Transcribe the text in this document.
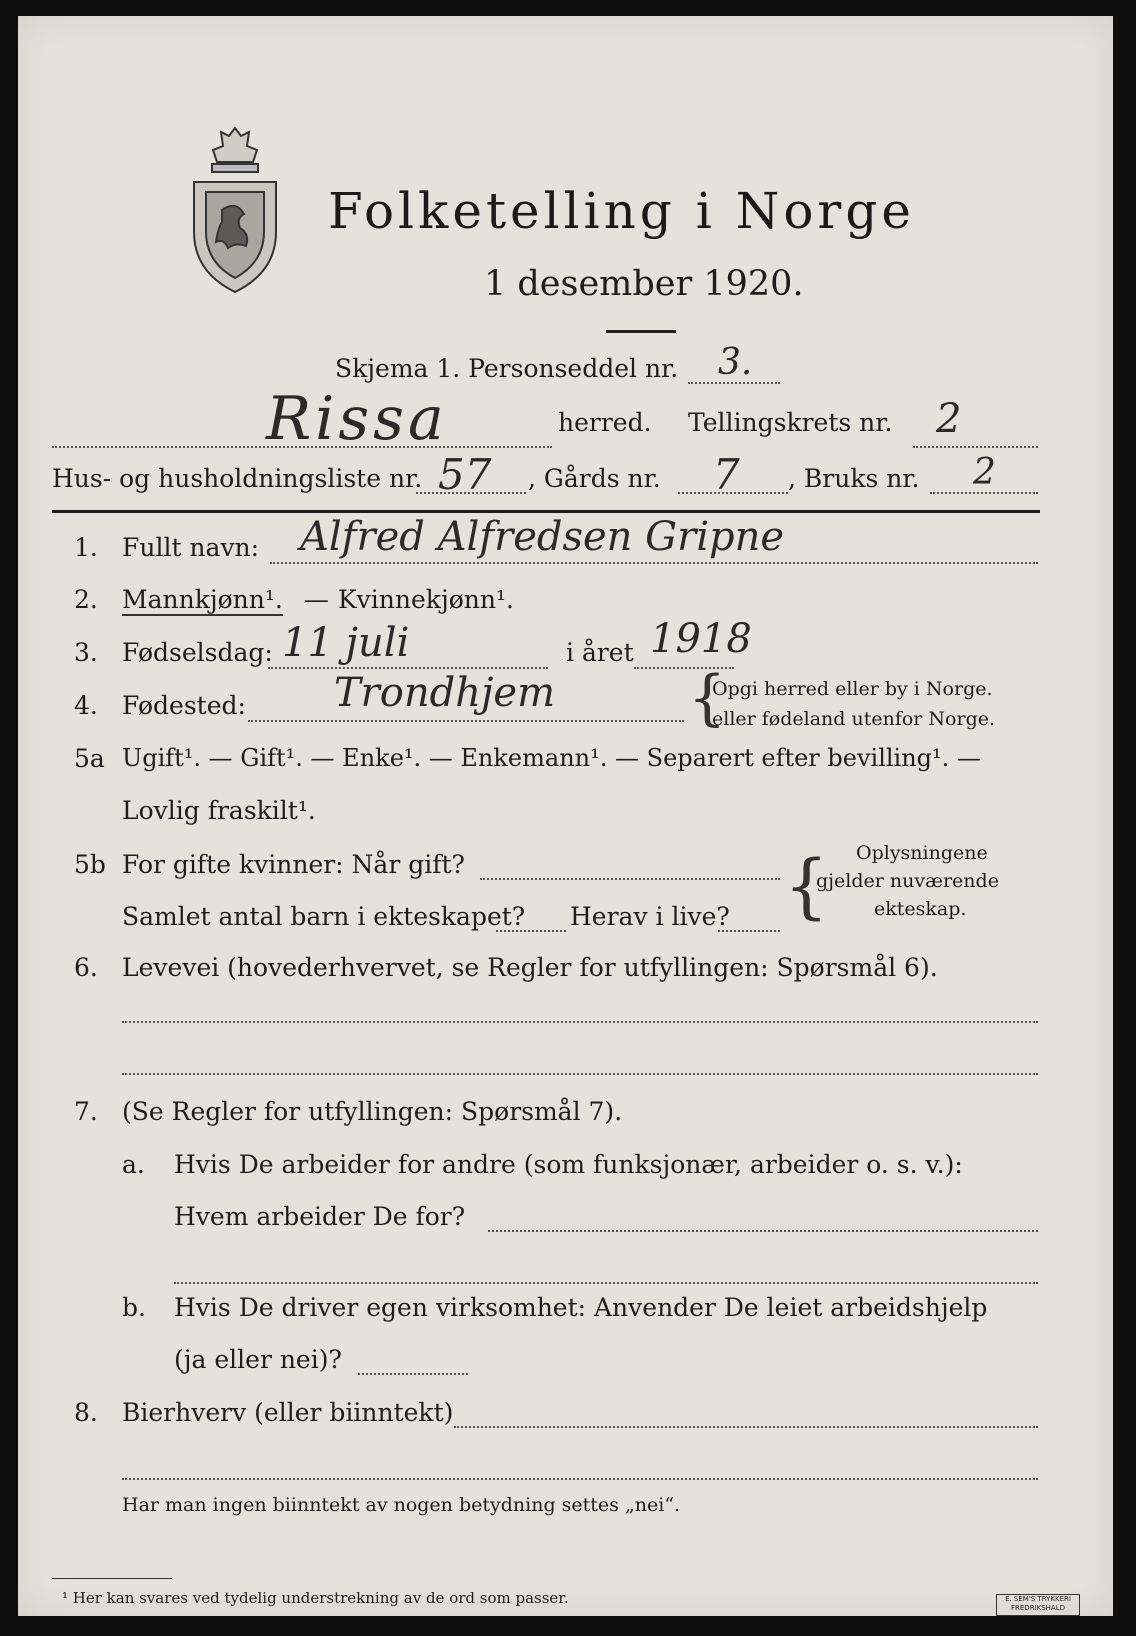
Folketelling i Norge
1 desember 1920.
Skjema 1. Personseddel nr. 3.
Rissa	herred. Tellingskrets nr. 2
Hus- og husholdningsliste nr. 57 , Gårds nr. 7 , Bruks nr. 2
1. Fullt navn: Alfred Alfredsen Gripne
2. Mannkjønn¹. — Kvinnekjønn¹.
3. Fødselsdag: 11 juli	i året 1918
4. Fødested: Trondhjem {
Opgi herred eller by i Norge.
eller fødeland utenfor Norge.
5a Ugift¹. — Gift¹. — Enke¹. — Enkemann¹. — Separert efter bevilling¹. —
Lovlig fraskilt¹.
5b For gifte kvinner: Når gift?
Samlet antal barn i ekteskapet? Herav i live? { Oplysningene
gjelder nuværende
ekteskap.
6. Levevei (hovederhvervet, se Regler for utfyllingen: Spørsmål 6).
7. (Se Regler for utfyllingen: Spørsmål 7).
a. Hvis De arbeider for andre (som funksjonær, arbeider o. s. v.):
Hvem arbeider De for?
b. Hvis De driver egen virksomhet: Anvender De leiet arbeidshjelp
(ja eller nei)?
8. Bierhverv (eller biinntekt)
Har man ingen biinntekt av nogen betydning settes „nei“.
¹ Her kan svares ved tydelig understrekning av de ord som passer.	E. SEM'S TRYKKERI FREDRIKSHALD
